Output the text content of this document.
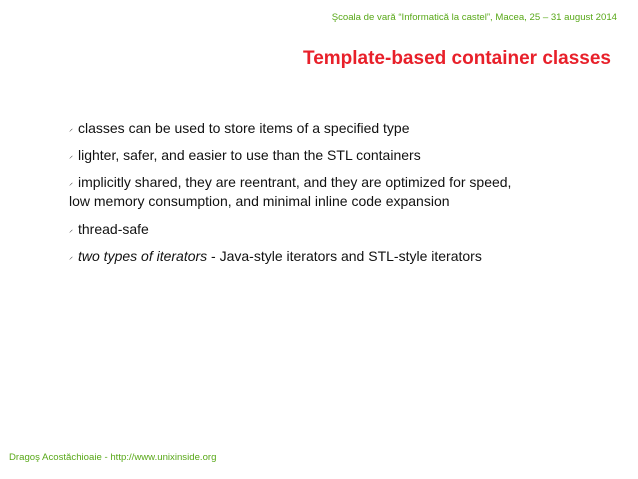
Şcoala de vară “Informatică la castel”, Macea, 25 – 31 august 2014
Template-based container classes
⸝ classes can be used to store items of a specified type
⸝ lighter, safer, and easier to use than the STL containers
⸝ implicitly shared, they are reentrant, and they are optimized for speed,
low memory consumption, and minimal inline code expansion
⸝ thread-safe
⸝ two types of iterators - Java-style iterators and STL-style iterators
Dragoş Acostăchioaie - http://www.unixinside.org
